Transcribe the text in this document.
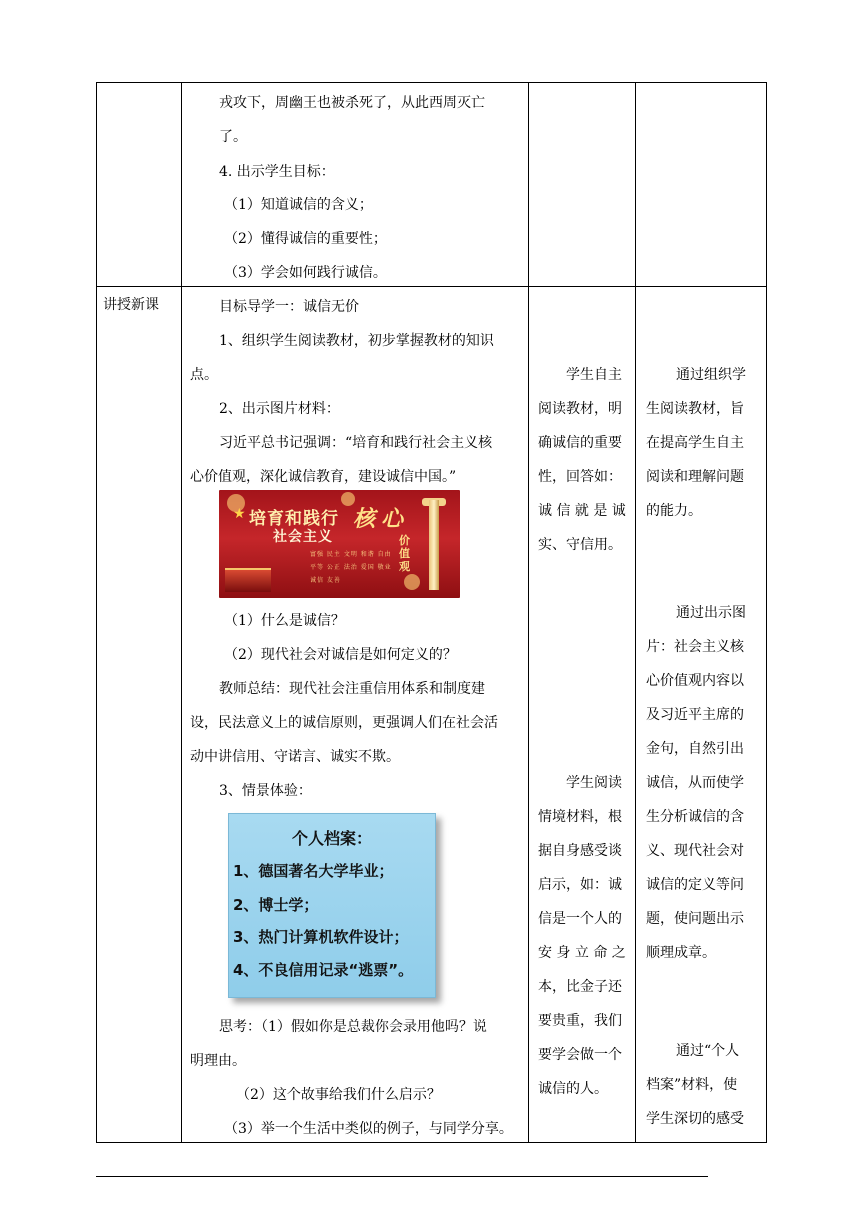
戎攻下，周幽王也被杀死了，从此西周灭亡
了。
4. 出示学生目标：
（1）知道诚信的含义；
（2）懂得诚信的重要性；
（3）学会如何践行诚信。
讲授新课	目标导学一：诚信无价
1、组织学生阅读教材，初步掌握教材的知识
点。
2、出示图片材料：
习近平总书记强调：“培育和践行社会主义核
心价值观，深化诚信教育，建设诚信中国。”
★ 培育和践行
社会主义
核心
价值观
富强 民主 文明 和谐 自由 平等 公正 法治 爱国 敬业 诚信 友善
（1）什么是诚信？
（2）现代社会对诚信是如何定义的？
教师总结：现代社会注重信用体系和制度建
设，民法意义上的诚信原则，更强调人们在社会活
动中讲信用、守诺言、诚实不欺。
3、情景体验：
个人档案：
1、德国著名大学毕业；
2、博士学；
3、热门计算机软件设计；
4、不良信用记录“逃票”。
思考：（1）假如你是总裁你会录用他吗？说
明理由。
（2）这个故事给我们什么启示？
（3）举一个生活中类似的例子，与同学分享。
学生自主
阅读教材，明
确诚信的重要
性，回答如：
诚 信 就 是 诚
实、守信用。
学生阅读
情境材料，根
据自身感受谈
启示，如：诚
信是一个人的
安 身 立 命 之
本，比金子还
要贵重，我们
要学会做一个
诚信的人。
通过组织学
生阅读教材，旨
在提高学生自主
阅读和理解问题
的能力。
通过出示图
片：社会主义核
心价值观内容以
及习近平主席的
金句，自然引出
诚信，从而使学
生分析诚信的含
义、现代社会对
诚信的定义等问
题，使问题出示
顺理成章。
通过“个人
档案”材料，使
学生深切的感受
